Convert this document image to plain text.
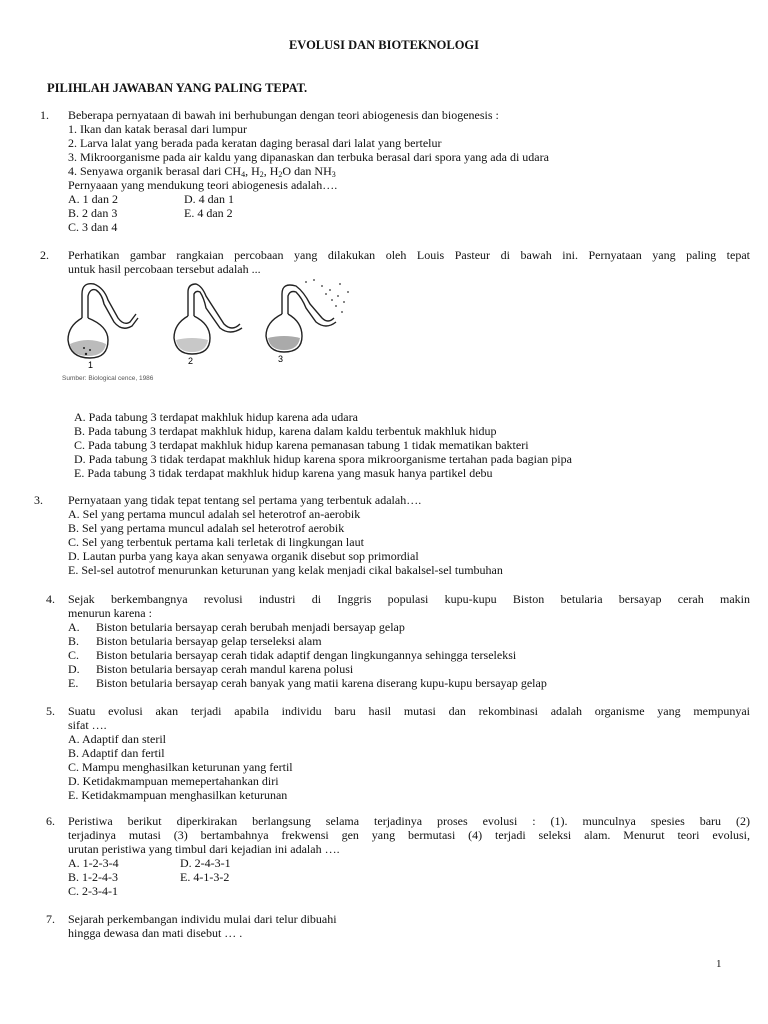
EVOLUSI DAN BIOTEKNOLOGI
PILIHLAH JAWABAN YANG PALING TEPAT.
1. Beberapa pernyataan di bawah ini berhubungan dengan teori abiogenesis dan biogenesis :
1. Ikan dan katak berasal dari lumpur
2. Larva lalat yang berada pada keratan daging berasal dari lalat yang bertelur
3. Mikroorganisme pada air kaldu yang dipanaskan dan terbuka berasal dari spora yang ada di udara
4. Senyawa organik berasal dari $CH_4$, $H_2$, $H_2O$ dan $NH_3$
Pernyaaan yang mendukung teori abiogenesis adalah….
A. 1 dan 2	D. 4 dan 1
B. 2 dan 3	E. 4 dan 2
C. 3 dan 4
2. Perhatikan gambar rangkaian percobaan yang dilakukan oleh Louis Pasteur di bawah ini. Pernyataan yang paling tepat
untuk hasil percobaan tersebut adalah ...
1	2	3
Sumber: Biological cence, 1986
A. Pada tabung 3 terdapat makhluk hidup karena ada udara
B. Pada tabung 3 terdapat makhluk hidup, karena dalam kaldu terbentuk makhluk hidup
C. Pada tabung 3 terdapat makhluk hidup karena pemanasan tabung 1 tidak mematikan bakteri
D. Pada tabung 3 tidak terdapat makhluk hidup karena spora mikroorganisme tertahan pada bagian pipa
E. Pada tabung 3 tidak terdapat makhluk hidup karena yang masuk hanya partikel debu
3. Pernyataan yang tidak tepat tentang sel pertama yang terbentuk adalah….
A. Sel yang pertama muncul adalah sel heterotrof an-aerobik
B. Sel yang pertama muncul adalah sel heterotrof aerobik
C. Sel yang terbentuk pertama kali terletak di lingkungan laut
D. Lautan purba yang kaya akan senyawa organik disebut sop primordial
E. Sel-sel autotrof menurunkan keturunan yang kelak menjadi cikal bakalsel-sel tumbuhan
4. Sejak berkembangnya revolusi industri di Inggris populasi kupu-kupu Biston betularia bersayap cerah makin
menurun karena :
A. Biston betularia bersayap cerah berubah menjadi bersayap gelap
B. Biston betularia bersayap gelap terseleksi alam
C. Biston betularia bersayap cerah tidak adaptif dengan lingkungannya sehingga terseleksi
D. Biston betularia bersayap cerah mandul karena polusi
E. Biston betularia bersayap cerah banyak yang matii karena diserang kupu-kupu bersayap gelap
5. Suatu evolusi akan terjadi apabila individu baru hasil mutasi dan rekombinasi adalah organisme yang mempunyai
sifat ….
A. Adaptif dan steril
B. Adaptif dan fertil
C. Mampu menghasilkan keturunan yang fertil
D. Ketidakmampuan memepertahankan diri
E. Ketidakmampuan menghasilkan keturunan
6. Peristiwa berikut diperkirakan berlangsung selama terjadinya proses evolusi : (1). munculnya spesies baru (2)
terjadinya mutasi (3) bertambahnya frekwensi gen yang bermutasi (4) terjadi seleksi alam. Menurut teori evolusi,
urutan peristiwa yang timbul dari kejadian ini adalah ….
A. 1-2-3-4	D. 2-4-3-1
B. 1-2-4-3	E. 4-1-3-2
C. 2-3-4-1
7. Sejarah perkembangan individu mulai dari telur dibuahi
hingga dewasa dan mati disebut … .
1
